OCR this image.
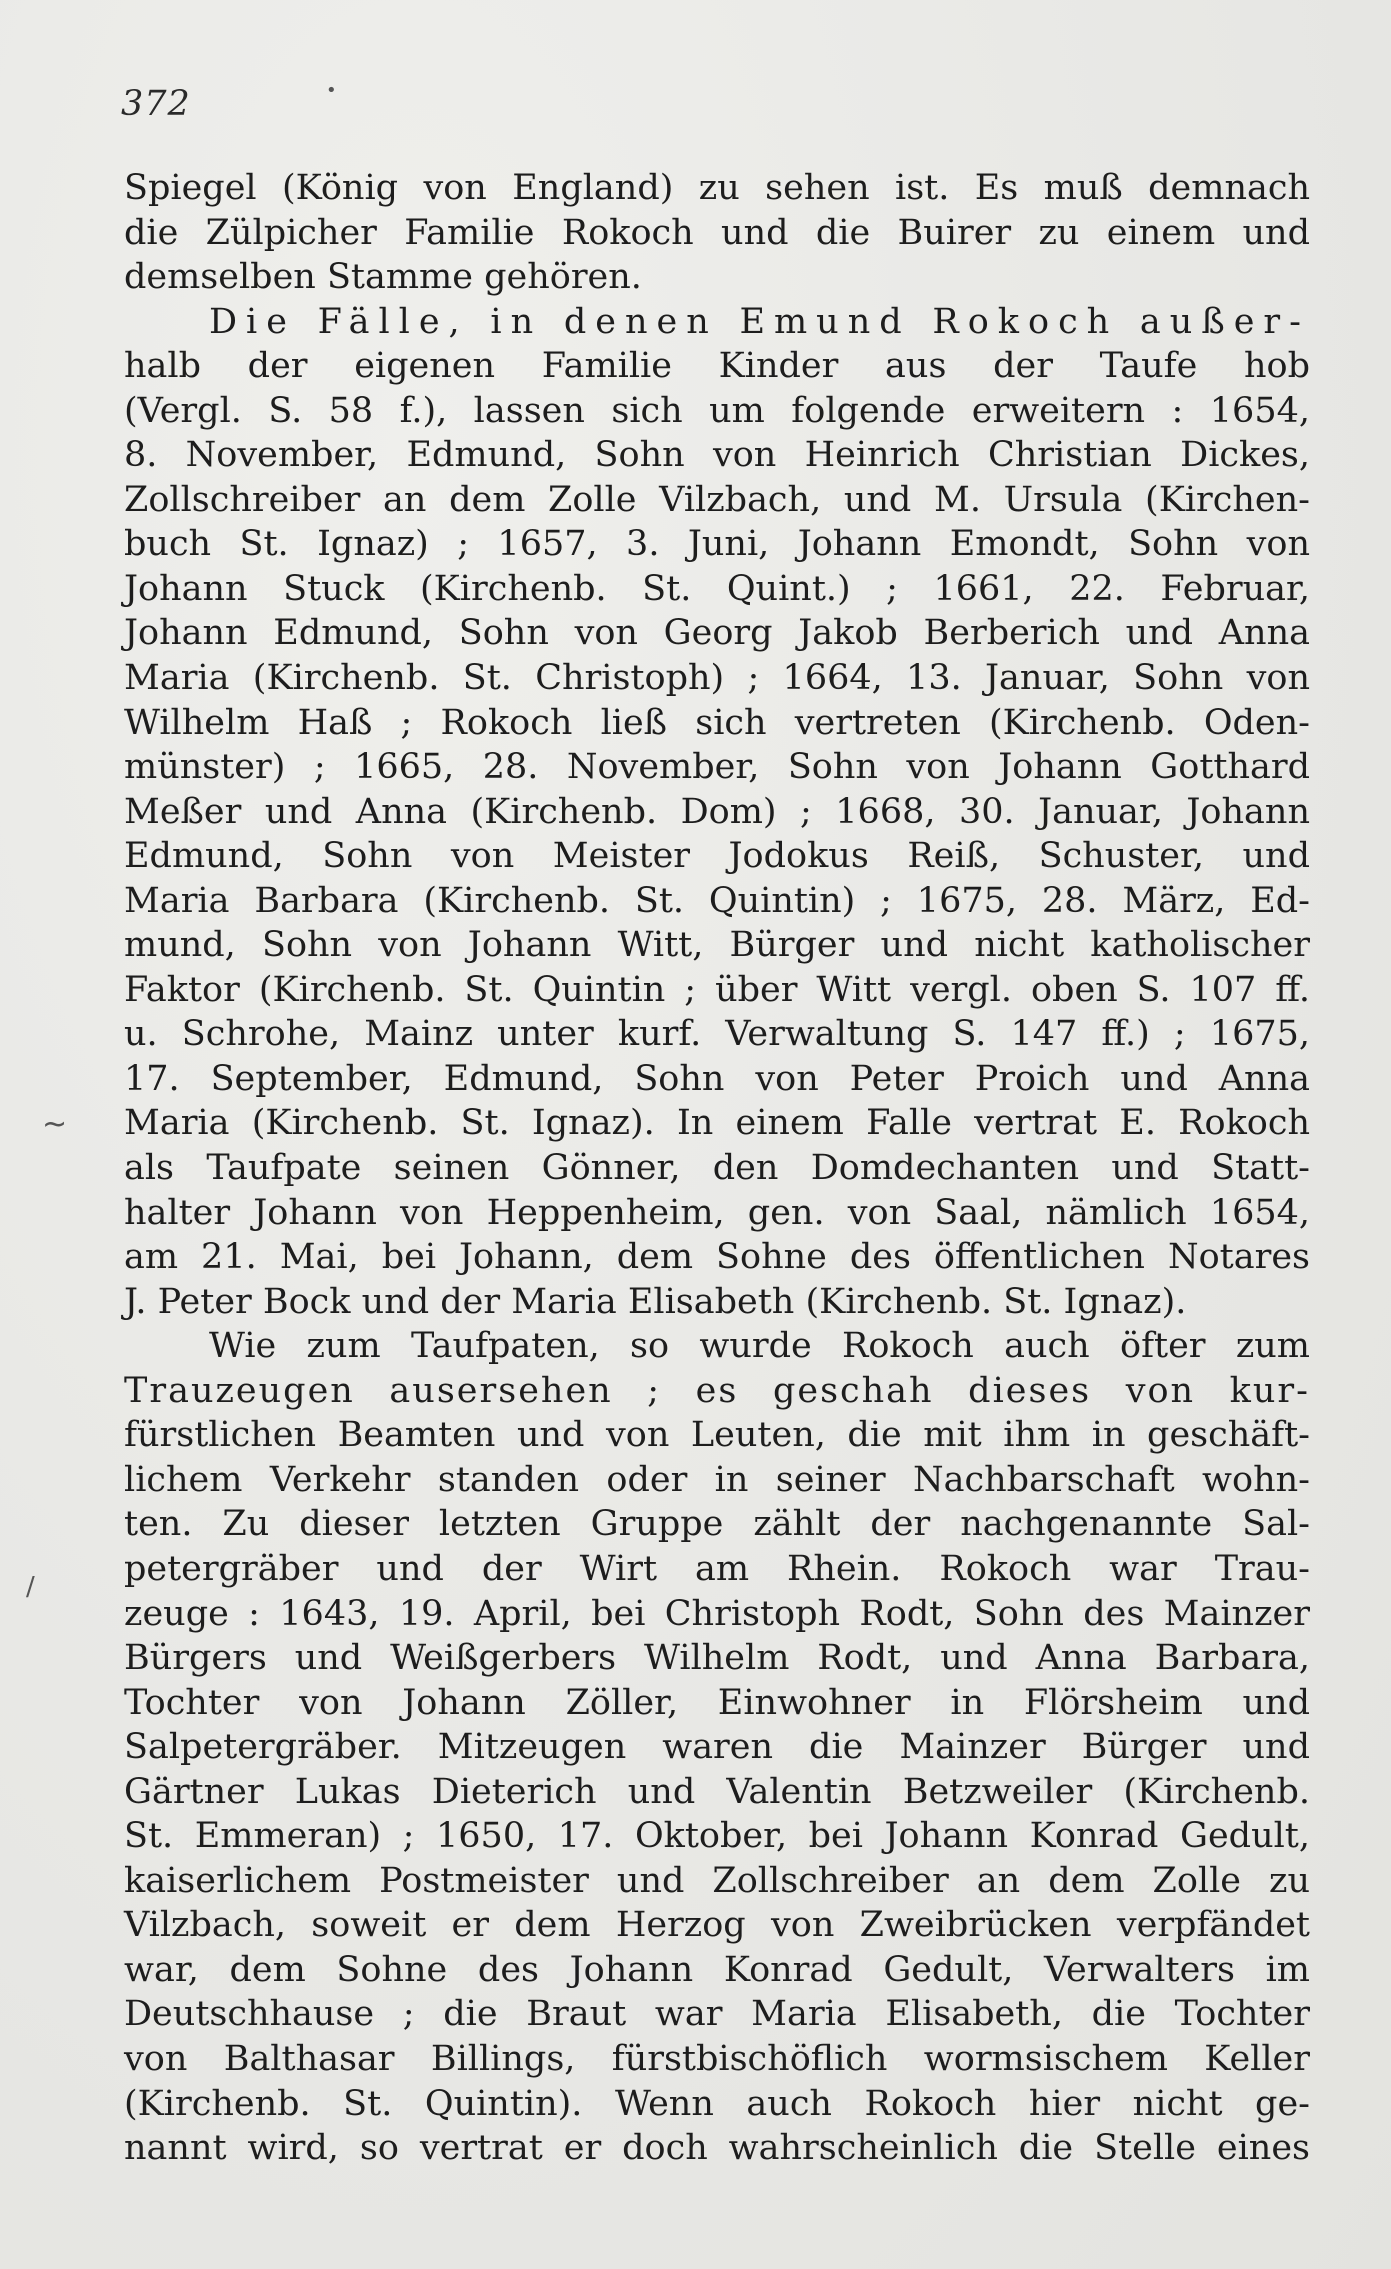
372
~
•
/
Spiegel (König von England) zu sehen ist. Es muß demnach
die Zülpicher Familie Rokoch und die Buirer zu einem und
demselben Stamme gehören.
Die Fälle, in denen Emund Rokoch außer-
halb der eigenen Familie Kinder aus der Taufe hob
(Vergl. S. 58 f.), lassen sich um folgende erweitern : 1654,
8. November, Edmund, Sohn von Heinrich Christian Dickes,
Zollschreiber an dem Zolle Vilzbach, und M. Ursula (Kirchen-
buch St. Ignaz) ; 1657, 3. Juni, Johann Emondt, Sohn von
Johann Stuck (Kirchenb. St. Quint.) ; 1661, 22. Februar,
Johann Edmund, Sohn von Georg Jakob Berberich und Anna
Maria (Kirchenb. St. Christoph) ; 1664, 13. Januar, Sohn von
Wilhelm Haß ; Rokoch ließ sich vertreten (Kirchenb. Oden-
münster) ; 1665, 28. November, Sohn von Johann Gotthard
Meßer und Anna (Kirchenb. Dom) ; 1668, 30. Januar, Johann
Edmund, Sohn von Meister Jodokus Reiß, Schuster, und
Maria Barbara (Kirchenb. St. Quintin) ; 1675, 28. März, Ed-
mund, Sohn von Johann Witt, Bürger und nicht katholischer
Faktor (Kirchenb. St. Quintin ; über Witt vergl. oben S. 107 ff.
u. Schrohe, Mainz unter kurf. Verwaltung S. 147 ff.) ; 1675,
17. September, Edmund, Sohn von Peter Proich und Anna
Maria (Kirchenb. St. Ignaz). In einem Falle vertrat E. Rokoch
als Taufpate seinen Gönner, den Domdechanten und Statt-
halter Johann von Heppenheim, gen. von Saal, nämlich 1654,
am 21. Mai, bei Johann, dem Sohne des öffentlichen Notares
J. Peter Bock und der Maria Elisabeth (Kirchenb. St. Ignaz).
Wie zum Taufpaten, so wurde Rokoch auch öfter zum
Trauzeugen ausersehen ; es geschah dieses von kur-
fürstlichen Beamten und von Leuten, die mit ihm in geschäft-
lichem Verkehr standen oder in seiner Nachbarschaft wohn-
ten. Zu dieser letzten Gruppe zählt der nachgenannte Sal-
petergräber und der Wirt am Rhein. Rokoch war Trau-
zeuge : 1643, 19. April, bei Christoph Rodt, Sohn des Mainzer
Bürgers und Weißgerbers Wilhelm Rodt, und Anna Barbara,
Tochter von Johann Zöller, Einwohner in Flörsheim und
Salpetergräber. Mitzeugen waren die Mainzer Bürger und
Gärtner Lukas Dieterich und Valentin Betzweiler (Kirchenb.
St. Emmeran) ; 1650, 17. Oktober, bei Johann Konrad Gedult,
kaiserlichem Postmeister und Zollschreiber an dem Zolle zu
Vilzbach, soweit er dem Herzog von Zweibrücken verpfändet
war, dem Sohne des Johann Konrad Gedult, Verwalters im
Deutschhause ; die Braut war Maria Elisabeth, die Tochter
von Balthasar Billings, fürstbischöflich wormsischem Keller
(Kirchenb. St. Quintin). Wenn auch Rokoch hier nicht ge-
nannt wird, so vertrat er doch wahrscheinlich die Stelle eines
